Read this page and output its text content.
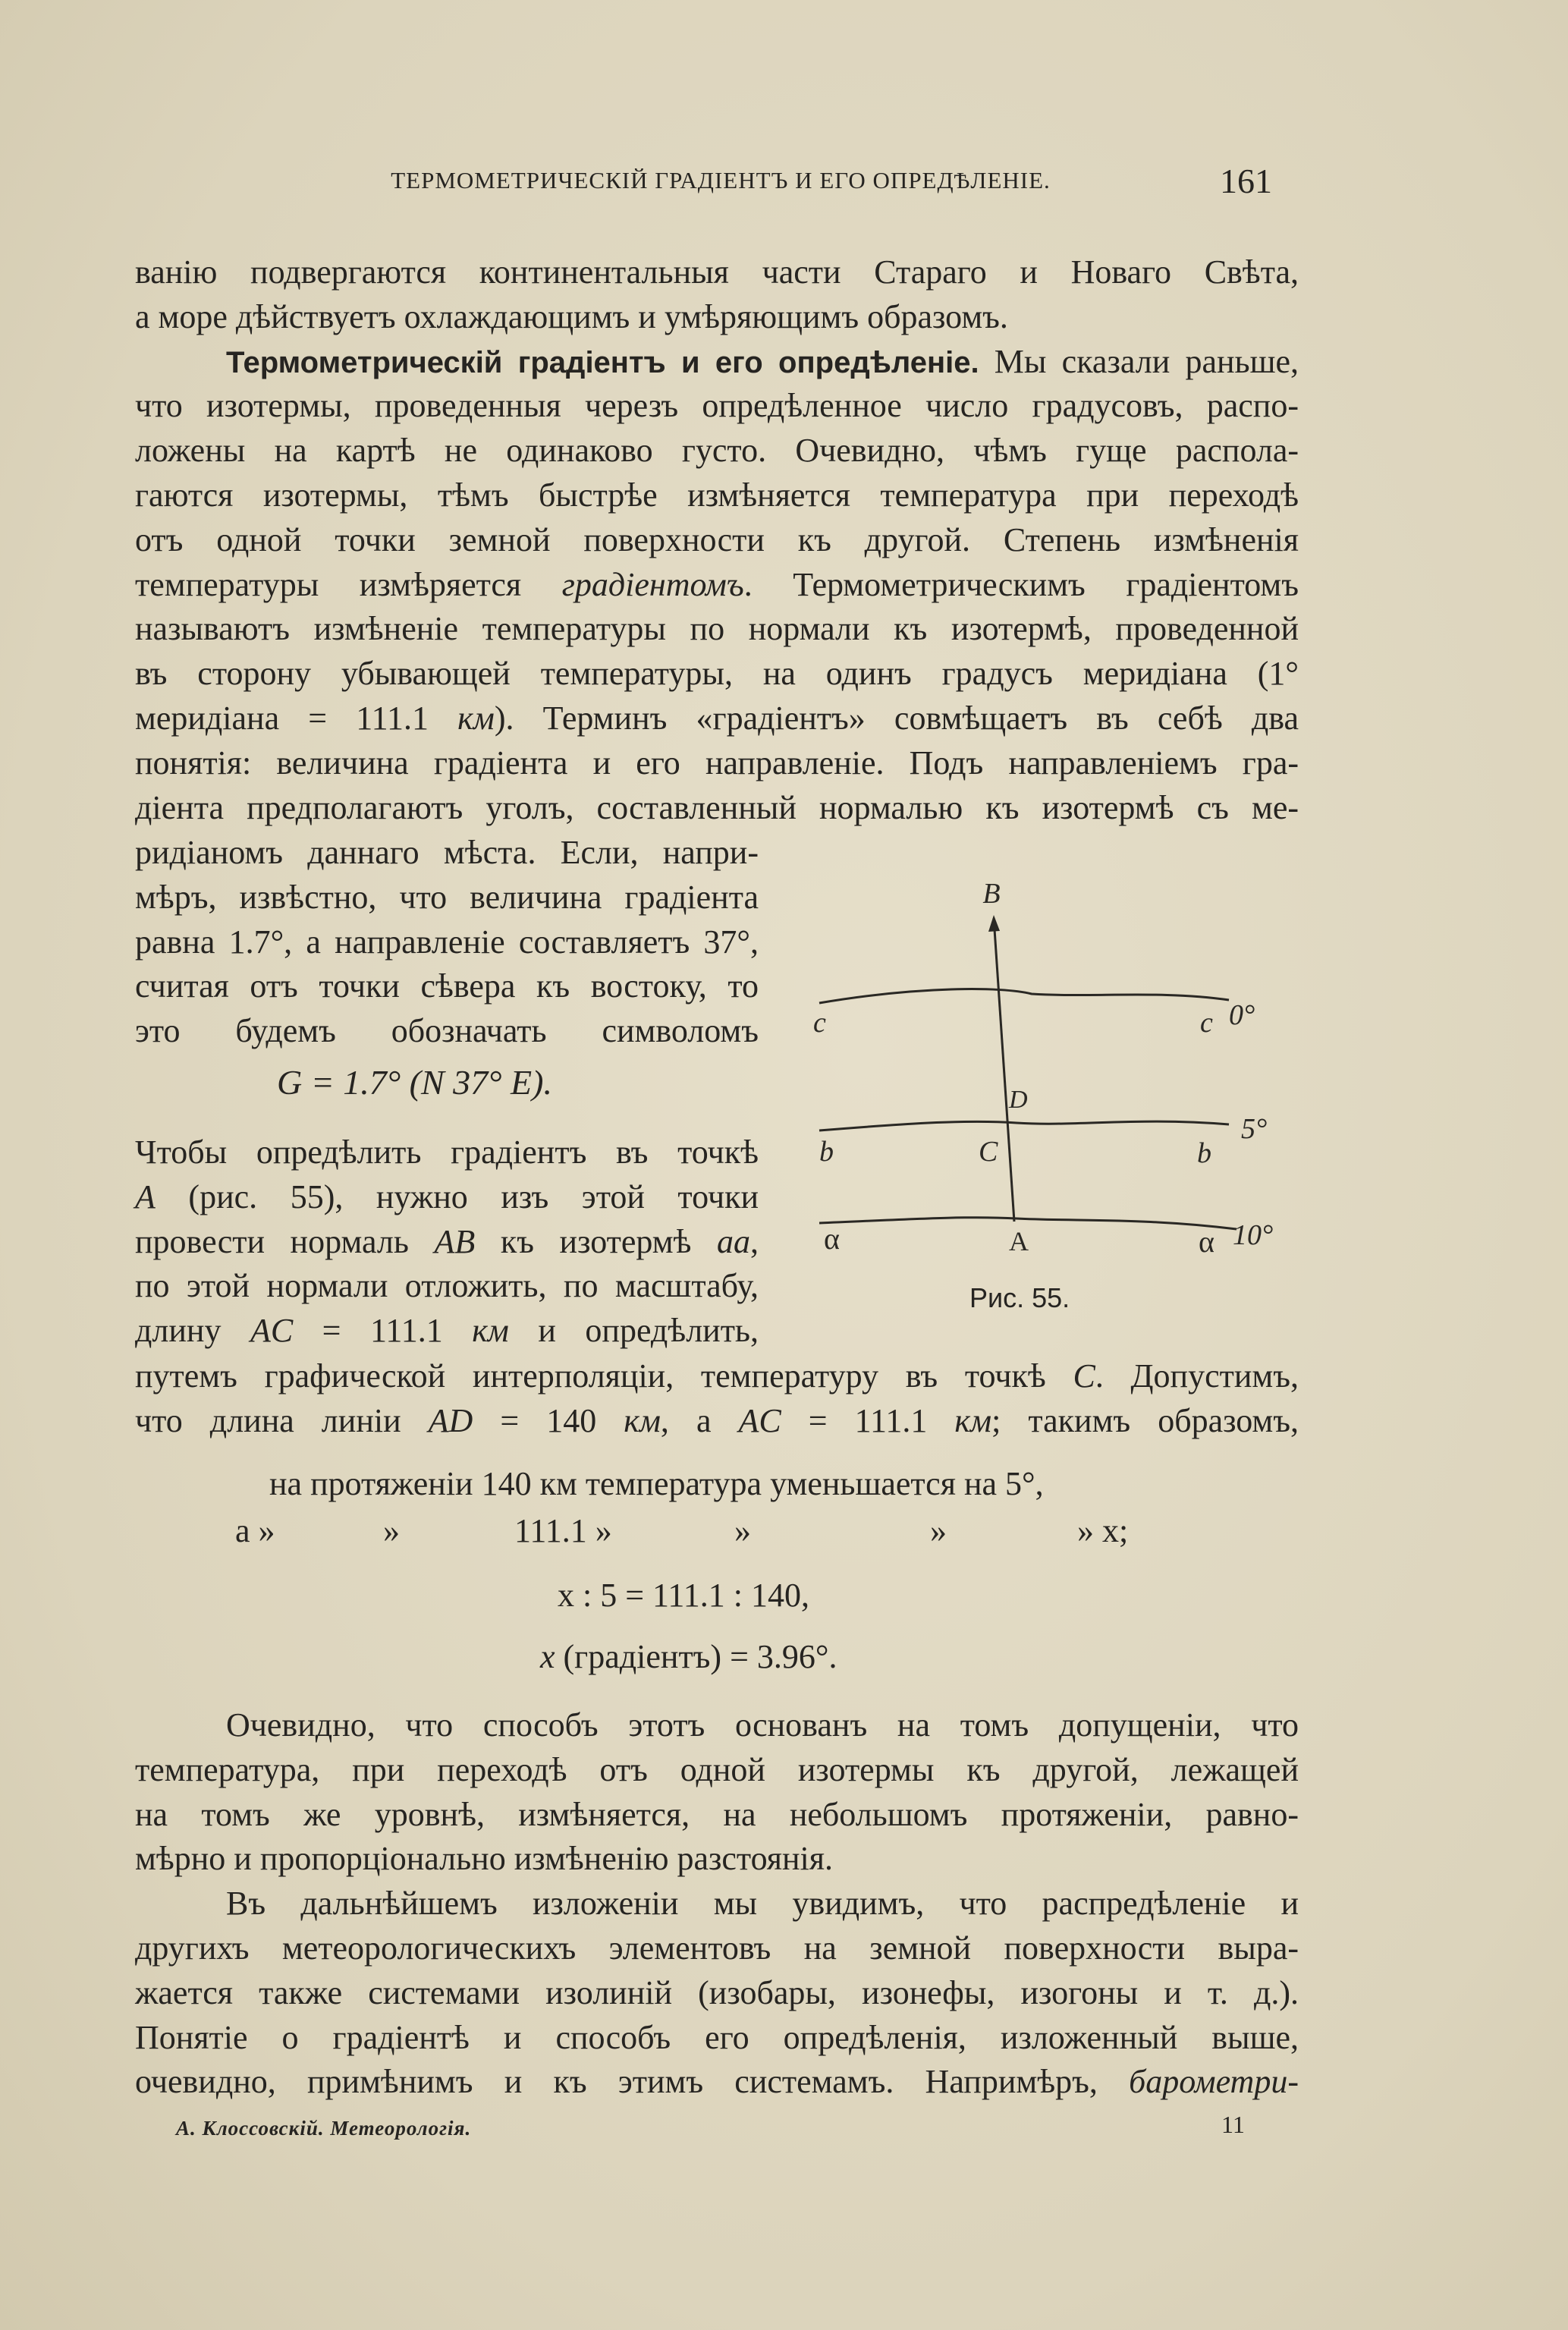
ТЕРМОМЕТРИЧЕСКІЙ ГРАДІЕНТЪ И ЕГО ОПРЕДѢЛЕНІЕ.	161
ванію подвергаются континентальныя части Стараго и Новаго Свѣта,
а море дѣйствуетъ охлаждающимъ и умѣряющимъ образомъ.
Термометрическій градіентъ и его опредѣленіе. Мы сказали раньше,
что изотермы, проведенныя черезъ опредѣленное число градусовъ, распо-
ложены на картѣ не одинаково густо. Очевидно, чѣмъ гуще распола-
гаются изотермы, тѣмъ быстрѣе измѣняется температура при переходѣ
отъ одной точки земной поверхности къ другой. Степень измѣненія
температуры измѣряется градіентомъ. Термометрическимъ градіентомъ
называютъ измѣненіе температуры по нормали къ изотермѣ, проведенной
въ сторону убывающей температуры, на одинъ градусъ меридіана (1°
меридіана = 111.1 км). Терминъ «градіентъ» совмѣщаетъ въ себѣ два
понятія: величина градіента и его направленіе. Подъ направленіемъ гра-
діента предполагаютъ уголъ, составленный нормалью къ изотермѣ съ ме-
ридіаномъ даннаго мѣста. Если, напри-
мѣръ, извѣстно, что величина градіента
равна 1.7°, а направленіе составляетъ 37°,
считая отъ точки сѣвера къ востоку, то
это будемъ обозначать символомъ
G = 1.7° (N 37° E).
Чтобы опредѣлить градіентъ въ точкѣ
A (рис. 55), нужно изъ этой точки
провести нормаль AB къ изотермѣ aa,
по этой нормали отложить, по масштабу,
длину AC = 111.1 км и опредѣлить,
B
D
C
A
c	c
b	b
α	α
0°
5°
10°
Рис. 55.
путемъ графической интерполяціи, температуру въ точкѣ C. Допустимъ,
что длина линіи AD = 140 км, а AC = 111.1 км; такимъ образомъ,
на протяженіи 140 км температура уменьшается на 5°,
а »	»	111.1 »	»	»	» x;
x : 5 = 111.1 : 140,
x (градіентъ) = 3.96°.
Очевидно, что способъ этотъ основанъ на томъ допущеніи, что
температура, при переходѣ отъ одной изотермы къ другой, лежащей
на томъ же уровнѣ, измѣняется, на небольшомъ протяженіи, равно-
мѣрно и пропорціонально измѣненію разстоянія.
Въ дальнѣйшемъ изложеніи мы увидимъ, что распредѣленіе и
другихъ метеорологическихъ элементовъ на земной поверхности выра-
жается также системами изолиній (изобары, изонефы, изогоны и т. д.).
Понятіе о градіентѣ и способъ его опредѣленія, изложенный выше,
очевидно, примѣнимъ и къ этимъ системамъ. Напримѣръ, барометри-
А. Клоссовскій. Метеорологія.	11
